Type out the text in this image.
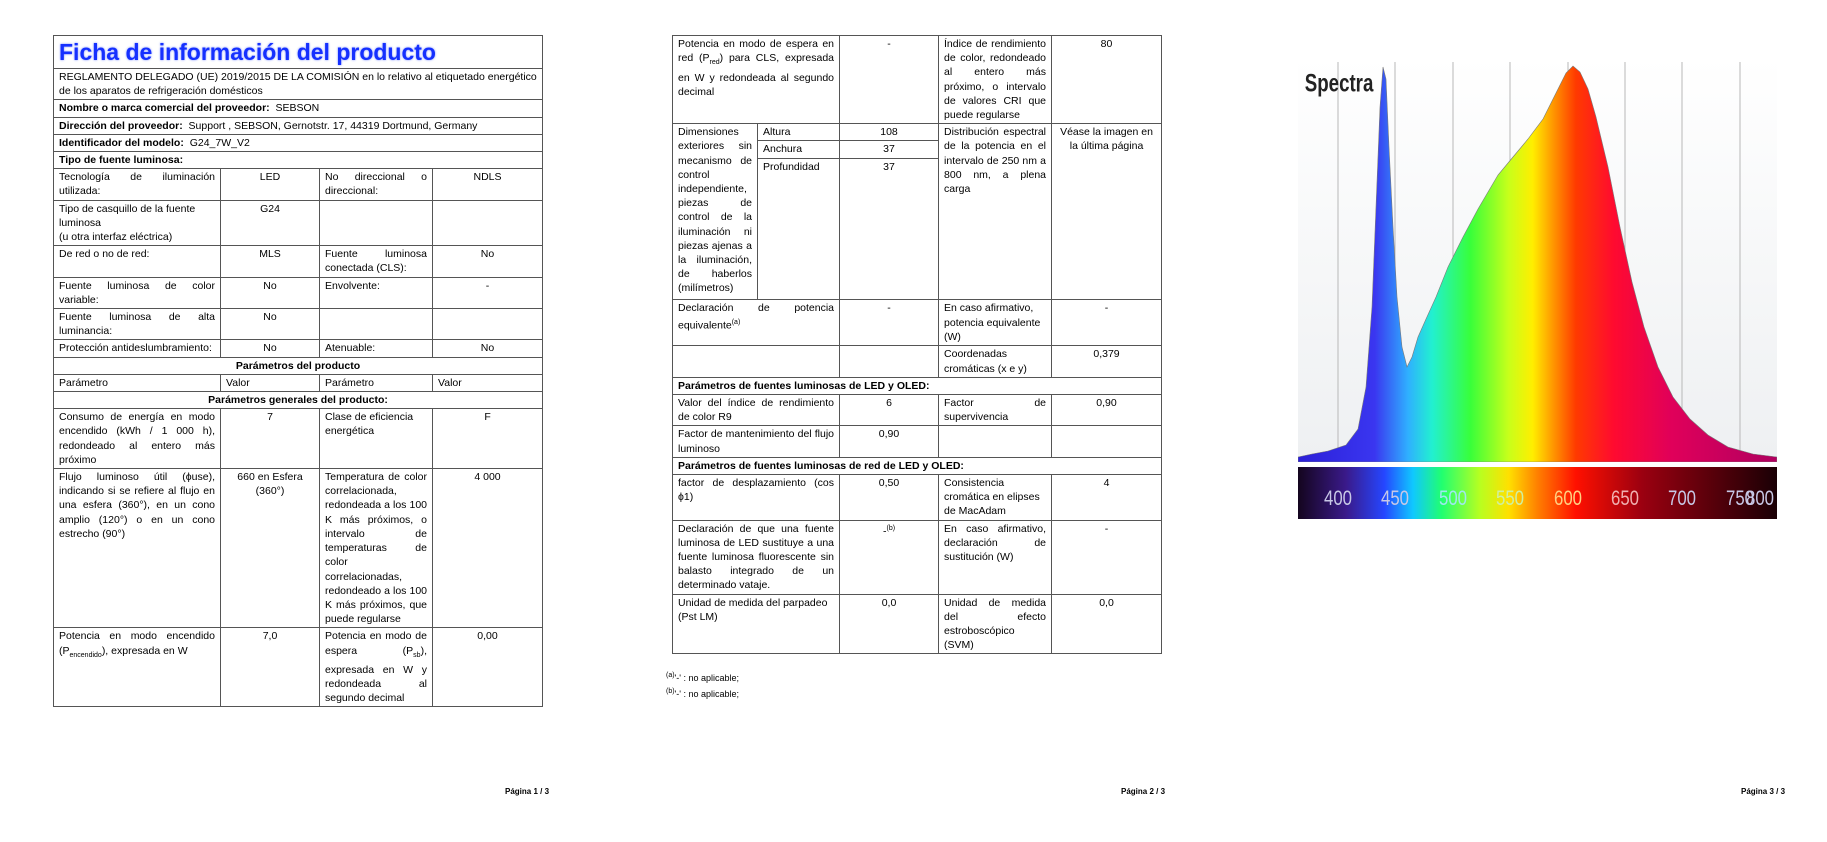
Ficha de información del producto			
REGLAMENTO DELEGADO (UE) 2019/2015 DE LA COMISIÓN en lo relativo al etiquetado energético de los aparatos de refrigeración domésticos			
Nombre o marca comercial del proveedor: SEBSON			
Dirección del proveedor: Support , SEBSON, Gernotstr. 17, 44319 Dortmund, Germany			
Identificador del modelo: G24_7W_V2			
Tipo de fuente luminosa:			
Tecnología de iluminación utilizada:	LED	No direccional o direccional:	NDLS
Tipo de casquillo de la fuente luminosa
(u otra interfaz eléctrica)	G24		
De red o no de red:	MLS	Fuente luminosa conectada (CLS):	No
Fuente luminosa de color variable:	No	Envolvente:	-
Fuente luminosa de alta luminancia:	No		
Protección antideslumbramiento:	No	Atenuable:	No
Parámetros del producto			
Parámetro	Valor	Parámetro	Valor
Parámetros generales del producto:			
Consumo de energía en modo encendido (kWh / 1 000 h), redondeado al entero más próximo	7	Clase de eficiencia energética	F
Flujo luminoso útil (ϕuse), indicando si se refiere al flujo en una esfera (360°), en un cono amplio (120°) o en un cono estrecho (90°)	660 en Esfera (360°)	Temperatura de color correlacionada, redondeada a los 100 K más próximos, o intervalo de temperaturas de color correlacionadas, redondeado a los 100 K más próximos, que puede regularse	4 000
Potencia en modo encendido $(P_{encendido})$, expresada en W	7,0	Potencia en modo de espera $(P_{sb})$, expresada en W y redondeada al segundo decimal	0,00
Página 1 / 3
Potencia en modo de espera en red $(P_{red})$ para CLS, expresada en W y redondeada al segundo decimal		-	Índice de rendimiento de color, redondeado al entero más próximo, o intervalo de valores CRI que puede regularse	80
Dimensiones exteriores sin mecanismo de control independiente, piezas de control de la iluminación ni piezas ajenas a la iluminación, de haberlos (milímetros)	Altura	108	Distribución espectral de la potencia en el intervalo de 250 nm a 800 nm, a plena carga	Véase la imagen en la última página
	Anchura	37		
	Profundidad	37		

Declaración de potencia equivalente$^{(a)}$		-	En caso afirmativo, potencia equivalente (W)	-
			Coordenadas cromáticas (x e y)	0,379
Parámetros de fuentes luminosas de LED y OLED:				
Valor del índice de rendimiento de color R9		6	Factor de supervivencia	0,90
Factor de mantenimiento del flujo luminoso		0,90		
Parámetros de fuentes luminosas de red de LED y OLED:				
factor de desplazamiento (cos ϕ1)		0,50	Consistencia cromática en elipses de MacAdam	4
Declaración de que una fuente luminosa de LED sustituye a una fuente luminosa fluorescente sin balasto integrado de un determinado vataje.		-$^{(b)}$	En caso afirmativo, declaración de sustitución (W)	-
Unidad de medida del parpadeo (Pst LM)		0,0	Unidad de medida del efecto estroboscópico (SVM)	0,0
$^{(a)}$'-' : no aplicable;
$^{(b)}$'-' : no aplicable;
Página 2 / 3
Spectra
400 450 500 550 600 650 700 750
800
Página 3 / 3
